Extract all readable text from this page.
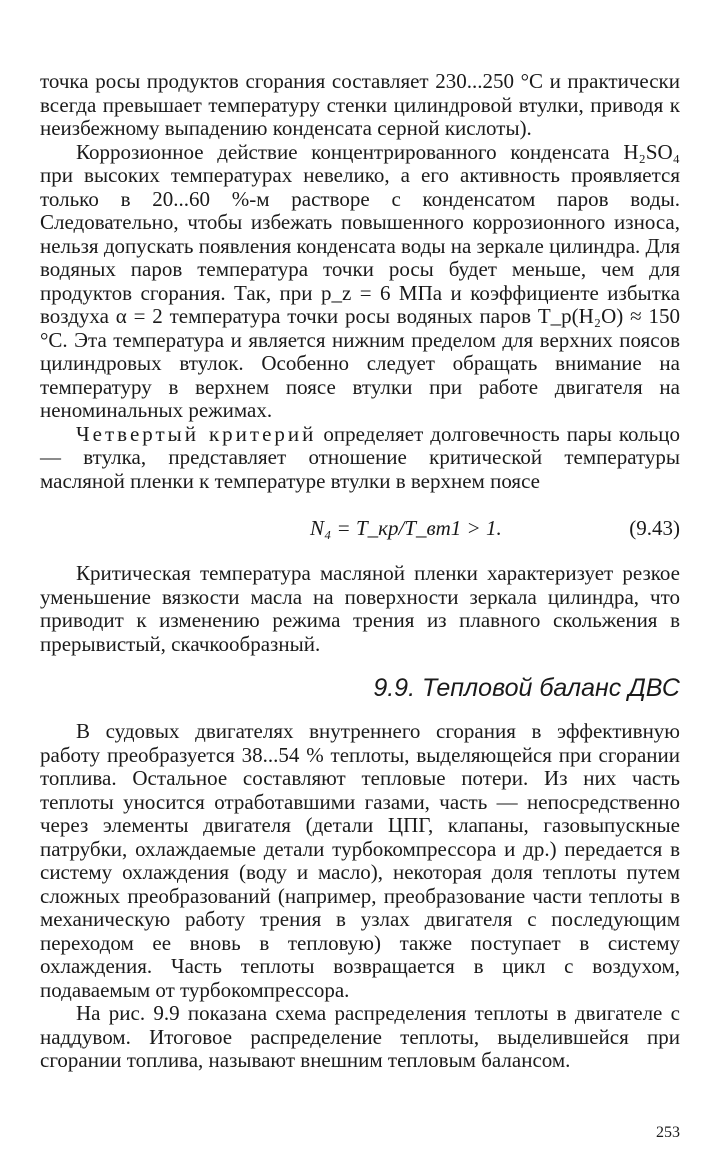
точка росы продуктов сгорания составляет 230...250 °С и практически всегда превышает температуру стенки цилиндровой втулки, приводя к неизбежному выпадению конденсата серной кислоты).

Коррозионное действие концентрированного конденсата H₂SO₄ при высоких температурах невелико, а его активность проявляется только в 20...60 %-м растворе с конденсатом паров воды. Следовательно, чтобы избежать повышенного коррозионного износа, нельзя допускать появления конденсата воды на зеркале цилиндра. Для водяных паров температура точки росы будет меньше, чем для продуктов сгорания. Так, при p_z = 6 МПа и коэффициенте избытка воздуха α = 2 температура точки росы водяных паров T_р(H₂O) ≈ 150 °С. Эта температура и является нижним пределом для верхних поясов цилиндровых втулок. Особенно следует обращать внимание на температуру в верхнем поясе втулки при работе двигателя на неноминальных режимах.

Четвертый критерий определяет долговечность пары кольцо — втулка, представляет отношение критической температуры масляной пленки к температуре втулки в верхнем поясе

N₄ = T_кр/T_вт1 > 1.	(9.43)

Критическая температура масляной пленки характеризует резкое уменьшение вязкости масла на поверхности зеркала цилиндра, что приводит к изменению режима трения из плавного скольжения в прерывистый, скачкообразный.

9.9. Тепловой баланс ДВС

В судовых двигателях внутреннего сгорания в эффективную работу преобразуется 38...54 % теплоты, выделяющейся при сгорании топлива. Остальное составляют тепловые потери. Из них часть теплоты уносится отработавшими газами, часть — непосредственно через элементы двигателя (детали ЦПГ, клапаны, газовыпускные патрубки, охлаждаемые детали турбокомпрессора и др.) передается в систему охлаждения (воду и масло), некоторая доля теплоты путем сложных преобразований (например, преобразование части теплоты в механическую работу трения в узлах двигателя с последующим переходом ее вновь в тепловую) также поступает в систему охлаждения. Часть теплоты возвращается в цикл с воздухом, подаваемым от турбокомпрессора.

На рис. 9.9 показана схема распределения теплоты в двигателе с наддувом. Итоговое распределение теплоты, выделившейся при сгорании топлива, называют внешним тепловым балансом.

253
